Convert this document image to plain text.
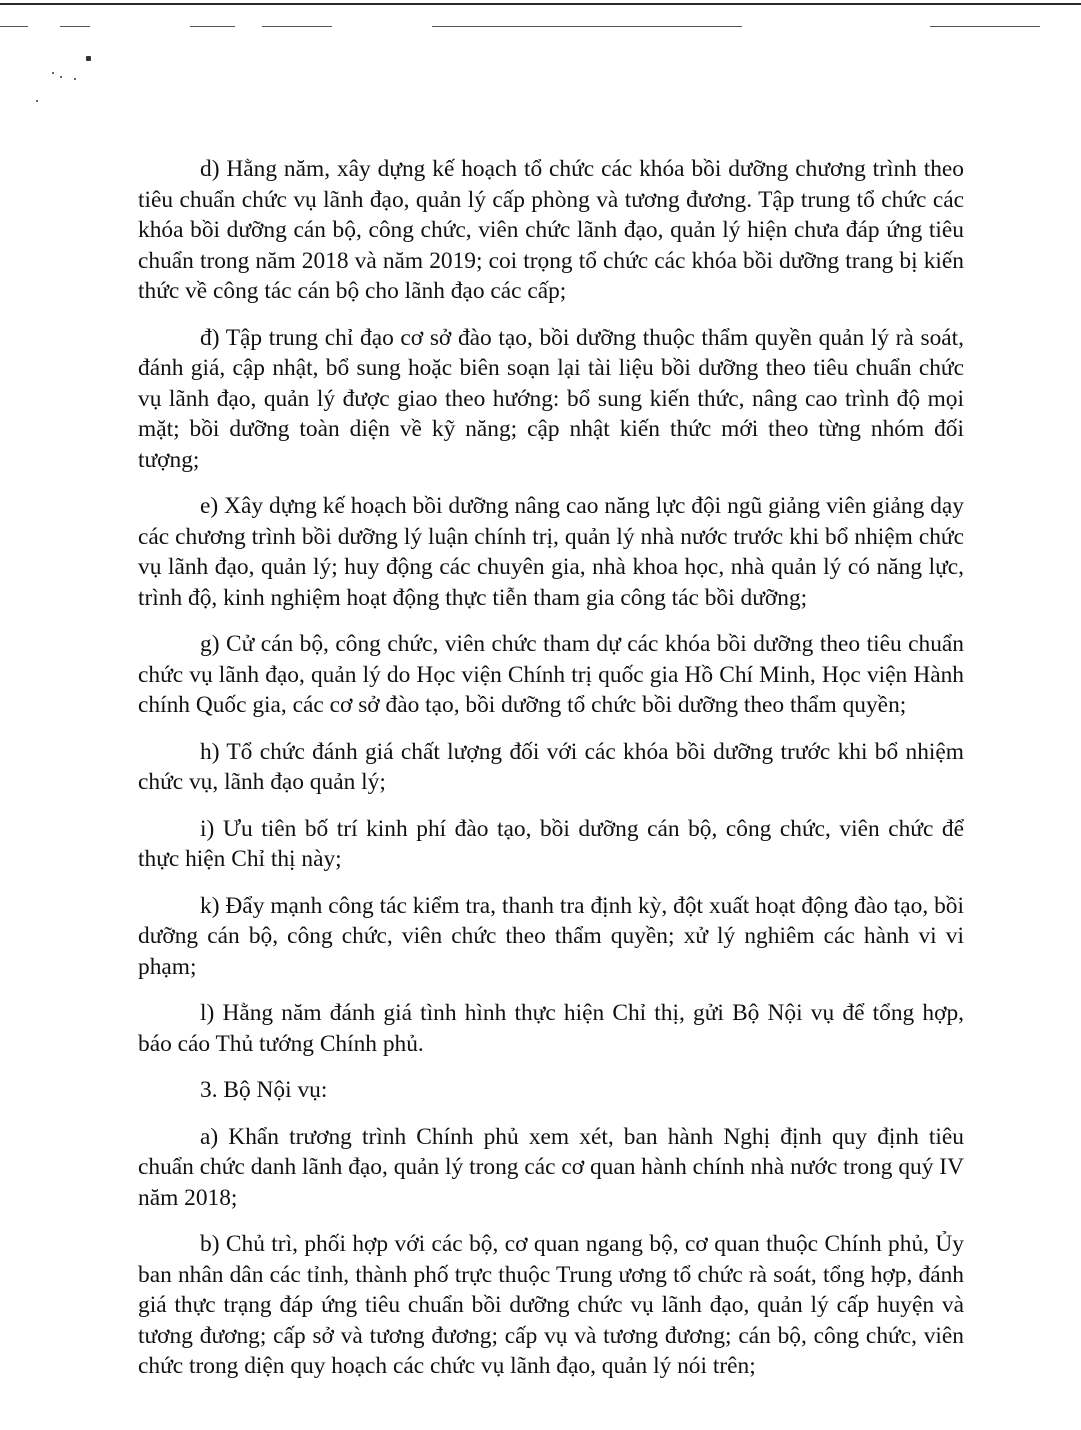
d) Hằng năm, xây dựng kế hoạch tổ chức các khóa bồi dưỡng chương trình theo tiêu chuẩn chức vụ lãnh đạo, quản lý cấp phòng và tương đương. Tập trung tổ chức các khóa bồi dưỡng cán bộ, công chức, viên chức lãnh đạo, quản lý hiện chưa đáp ứng tiêu chuẩn trong năm 2018 và năm 2019; coi trọng tổ chức các khóa bồi dưỡng trang bị kiến thức về công tác cán bộ cho lãnh đạo các cấp;

đ) Tập trung chỉ đạo cơ sở đào tạo, bồi dưỡng thuộc thẩm quyền quản lý rà soát, đánh giá, cập nhật, bổ sung hoặc biên soạn lại tài liệu bồi dưỡng theo tiêu chuẩn chức vụ lãnh đạo, quản lý được giao theo hướng: bổ sung kiến thức, nâng cao trình độ mọi mặt; bồi dưỡng toàn diện về kỹ năng; cập nhật kiến thức mới theo từng nhóm đối tượng;

e) Xây dựng kế hoạch bồi dưỡng nâng cao năng lực đội ngũ giảng viên giảng dạy các chương trình bồi dưỡng lý luận chính trị, quản lý nhà nước trước khi bổ nhiệm chức vụ lãnh đạo, quản lý; huy động các chuyên gia, nhà khoa học, nhà quản lý có năng lực, trình độ, kinh nghiệm hoạt động thực tiễn tham gia công tác bồi dưỡng;

g) Cử cán bộ, công chức, viên chức tham dự các khóa bồi dưỡng theo tiêu chuẩn chức vụ lãnh đạo, quản lý do Học viện Chính trị quốc gia Hồ Chí Minh, Học viện Hành chính Quốc gia, các cơ sở đào tạo, bồi dưỡng tổ chức bồi dưỡng theo thẩm quyền;

h) Tổ chức đánh giá chất lượng đối với các khóa bồi dưỡng trước khi bổ nhiệm chức vụ, lãnh đạo quản lý;

i) Ưu tiên bố trí kinh phí đào tạo, bồi dưỡng cán bộ, công chức, viên chức để thực hiện Chỉ thị này;

k) Đẩy mạnh công tác kiểm tra, thanh tra định kỳ, đột xuất hoạt động đào tạo, bồi dưỡng cán bộ, công chức, viên chức theo thẩm quyền; xử lý nghiêm các hành vi vi phạm;

l) Hằng năm đánh giá tình hình thực hiện Chỉ thị, gửi Bộ Nội vụ để tổng hợp, báo cáo Thủ tướng Chính phủ.

3. Bộ Nội vụ:

a) Khẩn trương trình Chính phủ xem xét, ban hành Nghị định quy định tiêu chuẩn chức danh lãnh đạo, quản lý trong các cơ quan hành chính nhà nước trong quý IV năm 2018;

b) Chủ trì, phối hợp với các bộ, cơ quan ngang bộ, cơ quan thuộc Chính phủ, Ủy ban nhân dân các tỉnh, thành phố trực thuộc Trung ương tổ chức rà soát, tổng hợp, đánh giá thực trạng đáp ứng tiêu chuẩn bồi dưỡng chức vụ lãnh đạo, quản lý cấp huyện và tương đương; cấp sở và tương đương; cấp vụ và tương đương; cán bộ, công chức, viên chức trong diện quy hoạch các chức vụ lãnh đạo, quản lý nói trên;
